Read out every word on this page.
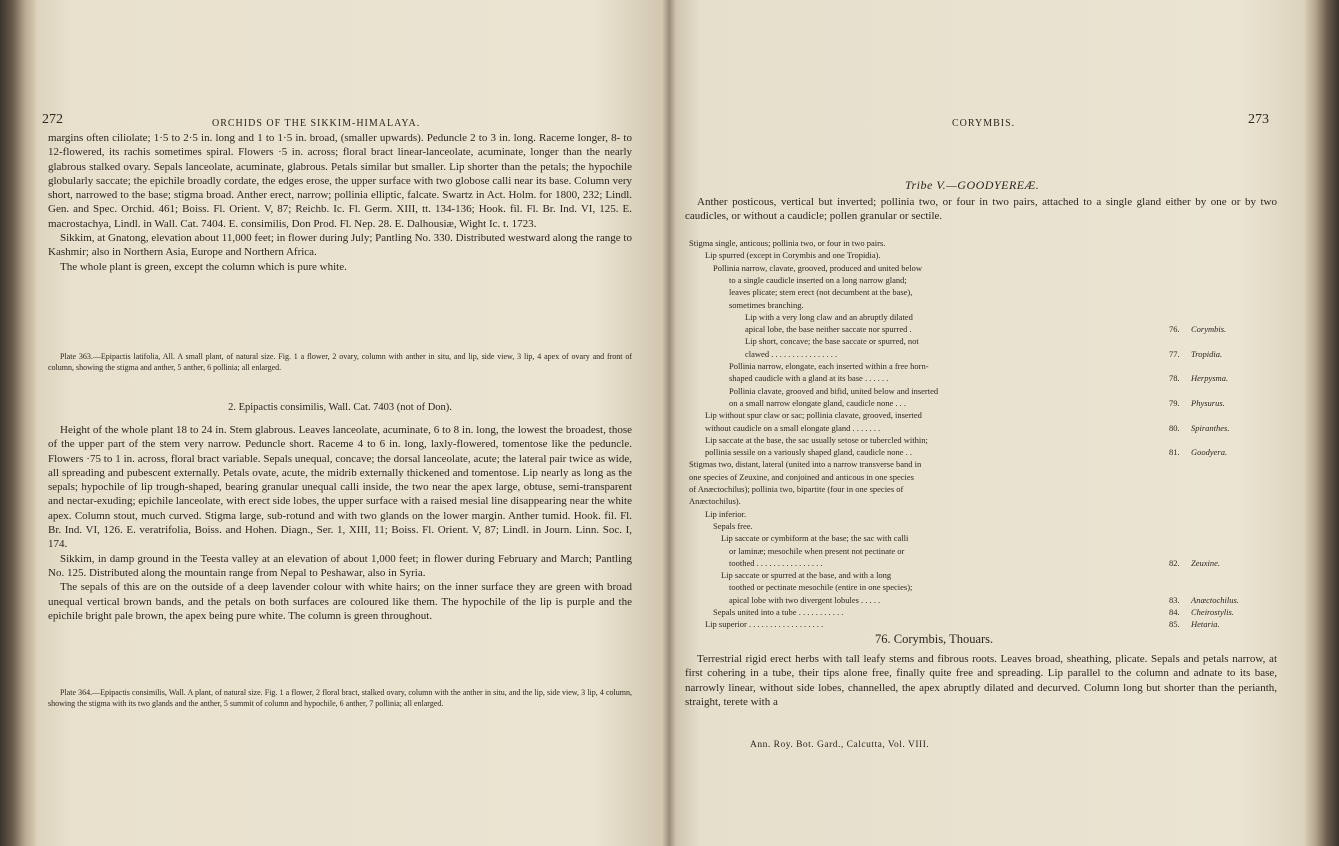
272	ORCHIDS OF THE SIKKIM-HIMALAYA.

margins often ciliolate; 1·5 to 2·5 in. long and 1 to 1·5 in. broad, (smaller upwards). Peduncle 2 to 3 in. long. Raceme longer, 8- to 12-flowered, its rachis sometimes spiral. Flowers ·5 in. across; floral bract linear-lanceolate, acuminate, longer than the nearly glabrous stalked ovary. Sepals lanceolate, acuminate, glabrous. Petals similar but smaller. Lip shorter than the petals; the hypochile globularly saccate; the epichile broadly cordate, the edges erose, the upper surface with two globose calli near its base. Column very short, narrowed to the base; stigma broad. Anther erect, narrow; pollinia elliptic, falcate. Swartz in Act. Holm. for 1800, 232; Lindl. Gen. and Spec. Orchid. 461; Boiss. Fl. Orient. V, 87; Reichb. Ic. Fl. Germ. XIII, tt. 134-136; Hook. fil. Fl. Br. Ind. VI, 125. E. macrostachya, Lindl. in Wall. Cat. 7404. E. consimilis, Don Prod. Fl. Nep. 28. E. Dalhousiæ, Wight Ic. t. 1723.

Sikkim, at Gnatong, elevation about 11,000 feet; in flower during July; Pantling No. 330. Distributed westward along the range to Kashmir; also in Northern Asia, Europe and Northern Africa.

The whole plant is green, except the column which is pure white.

Plate 363.—Epipactis latifolia, All. A small plant, of natural size. Fig. 1 a flower, 2 ovary, column with anther in situ, and lip, side view, 3 lip, 4 apex of ovary and front of column, showing the stigma and anther, 5 anther, 6 pollinia; all enlarged.

2. Epipactis consimilis, Wall. Cat. 7403 (not of Don).

Height of the whole plant 18 to 24 in. Stem glabrous. Leaves lanceolate, acuminate, 6 to 8 in. long, the lowest the broadest, those of the upper part of the stem very narrow. Peduncle short. Raceme 4 to 6 in. long, laxly-flowered, tomentose like the peduncle. Flowers ·75 to 1 in. across, floral bract variable. Sepals unequal, concave; the dorsal lanceolate, acute; the lateral pair twice as wide, all spreading and pubescent externally. Petals ovate, acute, the midrib externally thickened and tomentose. Lip nearly as long as the sepals; hypochile of lip trough-shaped, bearing granular unequal calli inside, the two near the apex large, obtuse, semi-transparent and nectar-exuding; epichile lanceolate, with erect side lobes, the upper surface with a raised mesial line disappearing near the white apex. Column stout, much curved. Stigma large, sub-rotund and with two glands on the lower margin. Anther tumid. Hook. fil. Fl. Br. Ind. VI, 126. E. veratrifolia, Boiss. and Hohen. Diagn., Ser. 1, XIII, 11; Boiss. Fl. Orient. V, 87; Lindl. in Journ. Linn. Soc. I, 174.

Sikkim, in damp ground in the Teesta valley at an elevation of about 1,000 feet; in flower during February and March; Pantling No. 125. Distributed along the mountain range from Nepal to Peshawar, also in Syria.

The sepals of this are on the outside of a deep lavender colour with white hairs; on the inner surface they are green with broad unequal vertical brown bands, and the petals on both surfaces are coloured like them. The hypochile of the lip is purple and the epichile bright pale brown, the apex being pure white. The column is green throughout.

Plate 364.—Epipactis consimilis, Wall. A plant, of natural size. Fig. 1 a flower, 2 floral bract, stalked ovary, column with the anther in situ, and the lip, side view, 3 lip, 4 column, showing the stigma with its two glands and the anther, 5 summit of column and hypochile, 6 anther, 7 pollinia; all enlarged.

CORYMBIS.	273
Tribe V.—GOODYEREÆ.

Anther posticous, vertical but inverted; pollinia two, or four in two pairs, attached to a single gland either by one or by two caudicles, or without a caudicle; pollen granular or sectile.

Stigma single, anticous; pollinia two, or four in two pairs.
Lip spurred (except in Corymbis and one Tropidia).
Pollinia narrow, clavate, grooved, produced and united below
to a single caudicle inserted on a long narrow gland;
leaves plicate; stem erect (not decumbent at the base),
sometimes branching.
Lip with a very long claw and an abruptly dilated
apical lobe, the base neither saccate nor spurred .	76. Corymbis.
Lip short, concave; the base saccate or spurred, not
clawed . . . . . . . . . . . . . . . .	77. Tropidia.
Pollinia narrow, elongate, each inserted within a free horn-
shaped caudicle with a gland at its base . . . . . .	78. Herpysma.
Pollinia clavate, grooved and bifid, united below and inserted
on a small narrow elongate gland, caudicle none . . .	79. Physurus.
Lip without spur claw or sac; pollinia clavate, grooved, inserted
without caudicle on a small elongate gland . . . . . . .	80. Spiranthes.
Lip saccate at the base, the sac usually setose or tubercled within;
pollinia sessile on a variously shaped gland, caudicle none . .	81. Goodyera.
Stigmas two, distant, lateral (united into a narrow transverse band in
one species of Zeuxine, and conjoined and anticous in one species
of Anæctochilus); pollinia two, bipartite (four in one species of
Anæctochilus).
Lip inferior.
Sepals free.
Lip saccate or cymbiform at the base; the sac with calli
or laminæ; mesochile when present not pectinate or
toothed . . . . . . . . . . . . . . . .	82. Zeuxine.
Lip saccate or spurred at the base, and with a long
toothed or pectinate mesochile (entire in one species);
apical lobe with two divergent lobules . . . . .	83. Anæctochilus.
Sepals united into a tube . . . . . . . . . . .	84. Cheirostylis.
Lip superior . . . . . . . . . . . . . . . . . .	85. Hetaria.
76. Corymbis, Thouars.

Terrestrial rigid erect herbs with tall leafy stems and fibrous roots. Leaves broad, sheathing, plicate. Sepals and petals narrow, at first cohering in a tube, their tips alone free, finally quite free and spreading. Lip parallel to the column and adnate to its base, narrowly linear, without side lobes, channelled, the apex abruptly dilated and decurved. Column long but shorter than the perianth, straight, terete with a

Ann. Roy. Bot. Gard., Calcutta, Vol. VIII.
